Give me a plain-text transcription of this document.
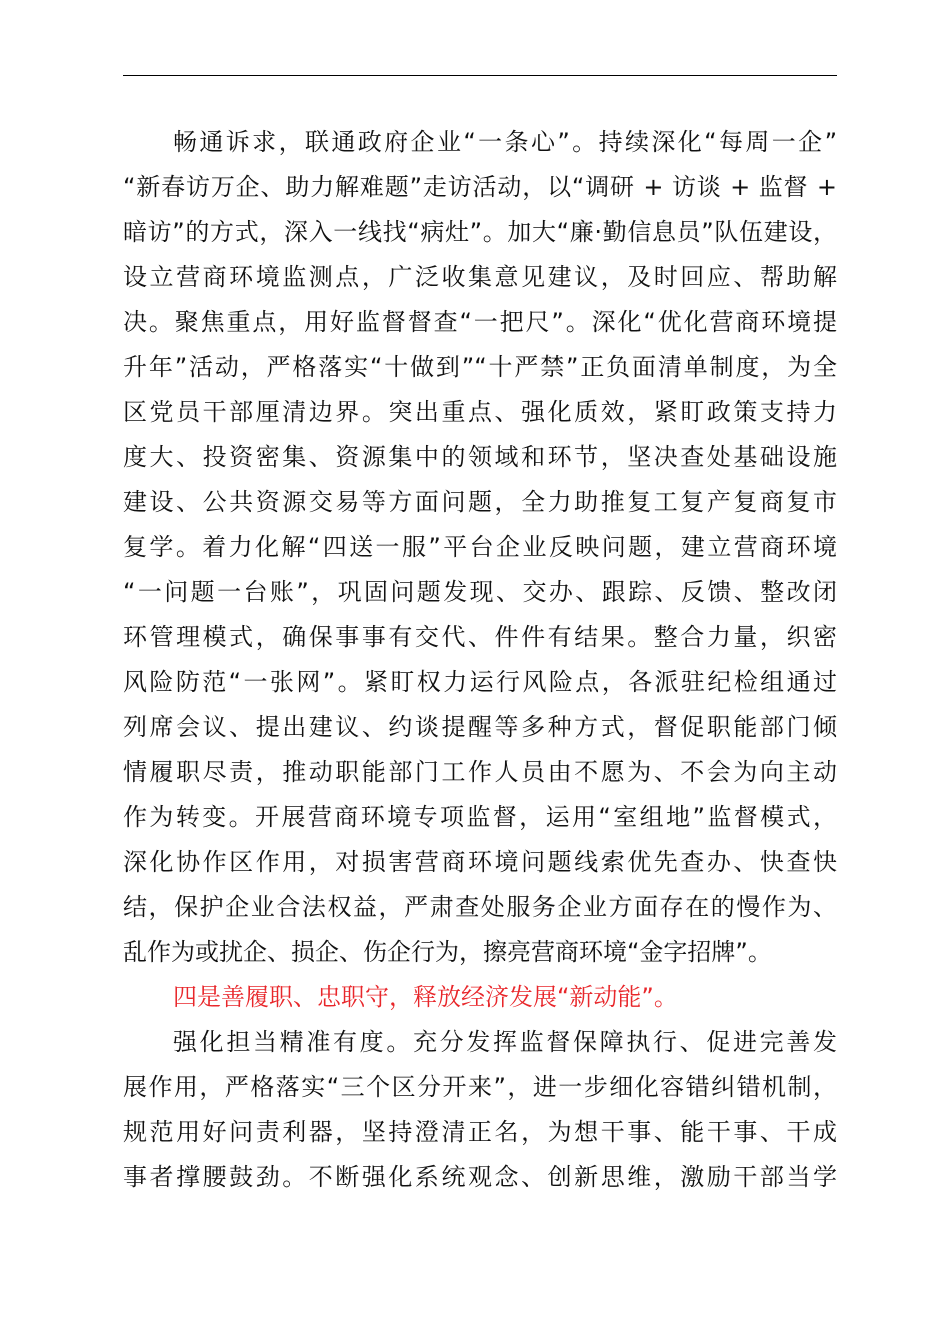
畅通诉求，联通政府企业“一条心”。持续深化“每周一企”
“新春访万企、助力解难题”走访活动，以“调研 + 访谈 + 监督 +
暗访”的方式，深入一线找“病灶”。加大“廉·勤信息员”队伍建设，
设立营商环境监测点，广泛收集意见建议，及时回应、帮助解
决。聚焦重点，用好监督督查“一把尺”。深化“优化营商环境提
升年”活动，严格落实“十做到”“十严禁”正负面清单制度，为全
区党员干部厘清边界。突出重点、强化质效，紧盯政策支持力
度大、投资密集、资源集中的领域和环节，坚决查处基础设施
建设、公共资源交易等方面问题，全力助推复工复产复商复市
复学。着力化解“四送一服”平台企业反映问题，建立营商环境
“一问题一台账”，巩固问题发现、交办、跟踪、反馈、整改闭
环管理模式，确保事事有交代、件件有结果。整合力量，织密
风险防范“一张网”。紧盯权力运行风险点，各派驻纪检组通过
列席会议、提出建议、约谈提醒等多种方式，督促职能部门倾
情履职尽责，推动职能部门工作人员由不愿为、不会为向主动
作为转变。开展营商环境专项监督，运用“室组地”监督模式，
深化协作区作用，对损害营商环境问题线索优先查办、快查快
结，保护企业合法权益，严肃查处服务企业方面存在的慢作为、
乱作为或扰企、损企、伤企行为，擦亮营商环境“金字招牌”。
四是善履职、忠职守，释放经济发展“新动能”。
强化担当精准有度。充分发挥监督保障执行、促进完善发
展作用，严格落实“三个区分开来”，进一步细化容错纠错机制，
规范用好问责利器，坚持澄清正名，为想干事、能干事、干成
事者撑腰鼓劲。不断强化系统观念、创新思维，激励干部当学
